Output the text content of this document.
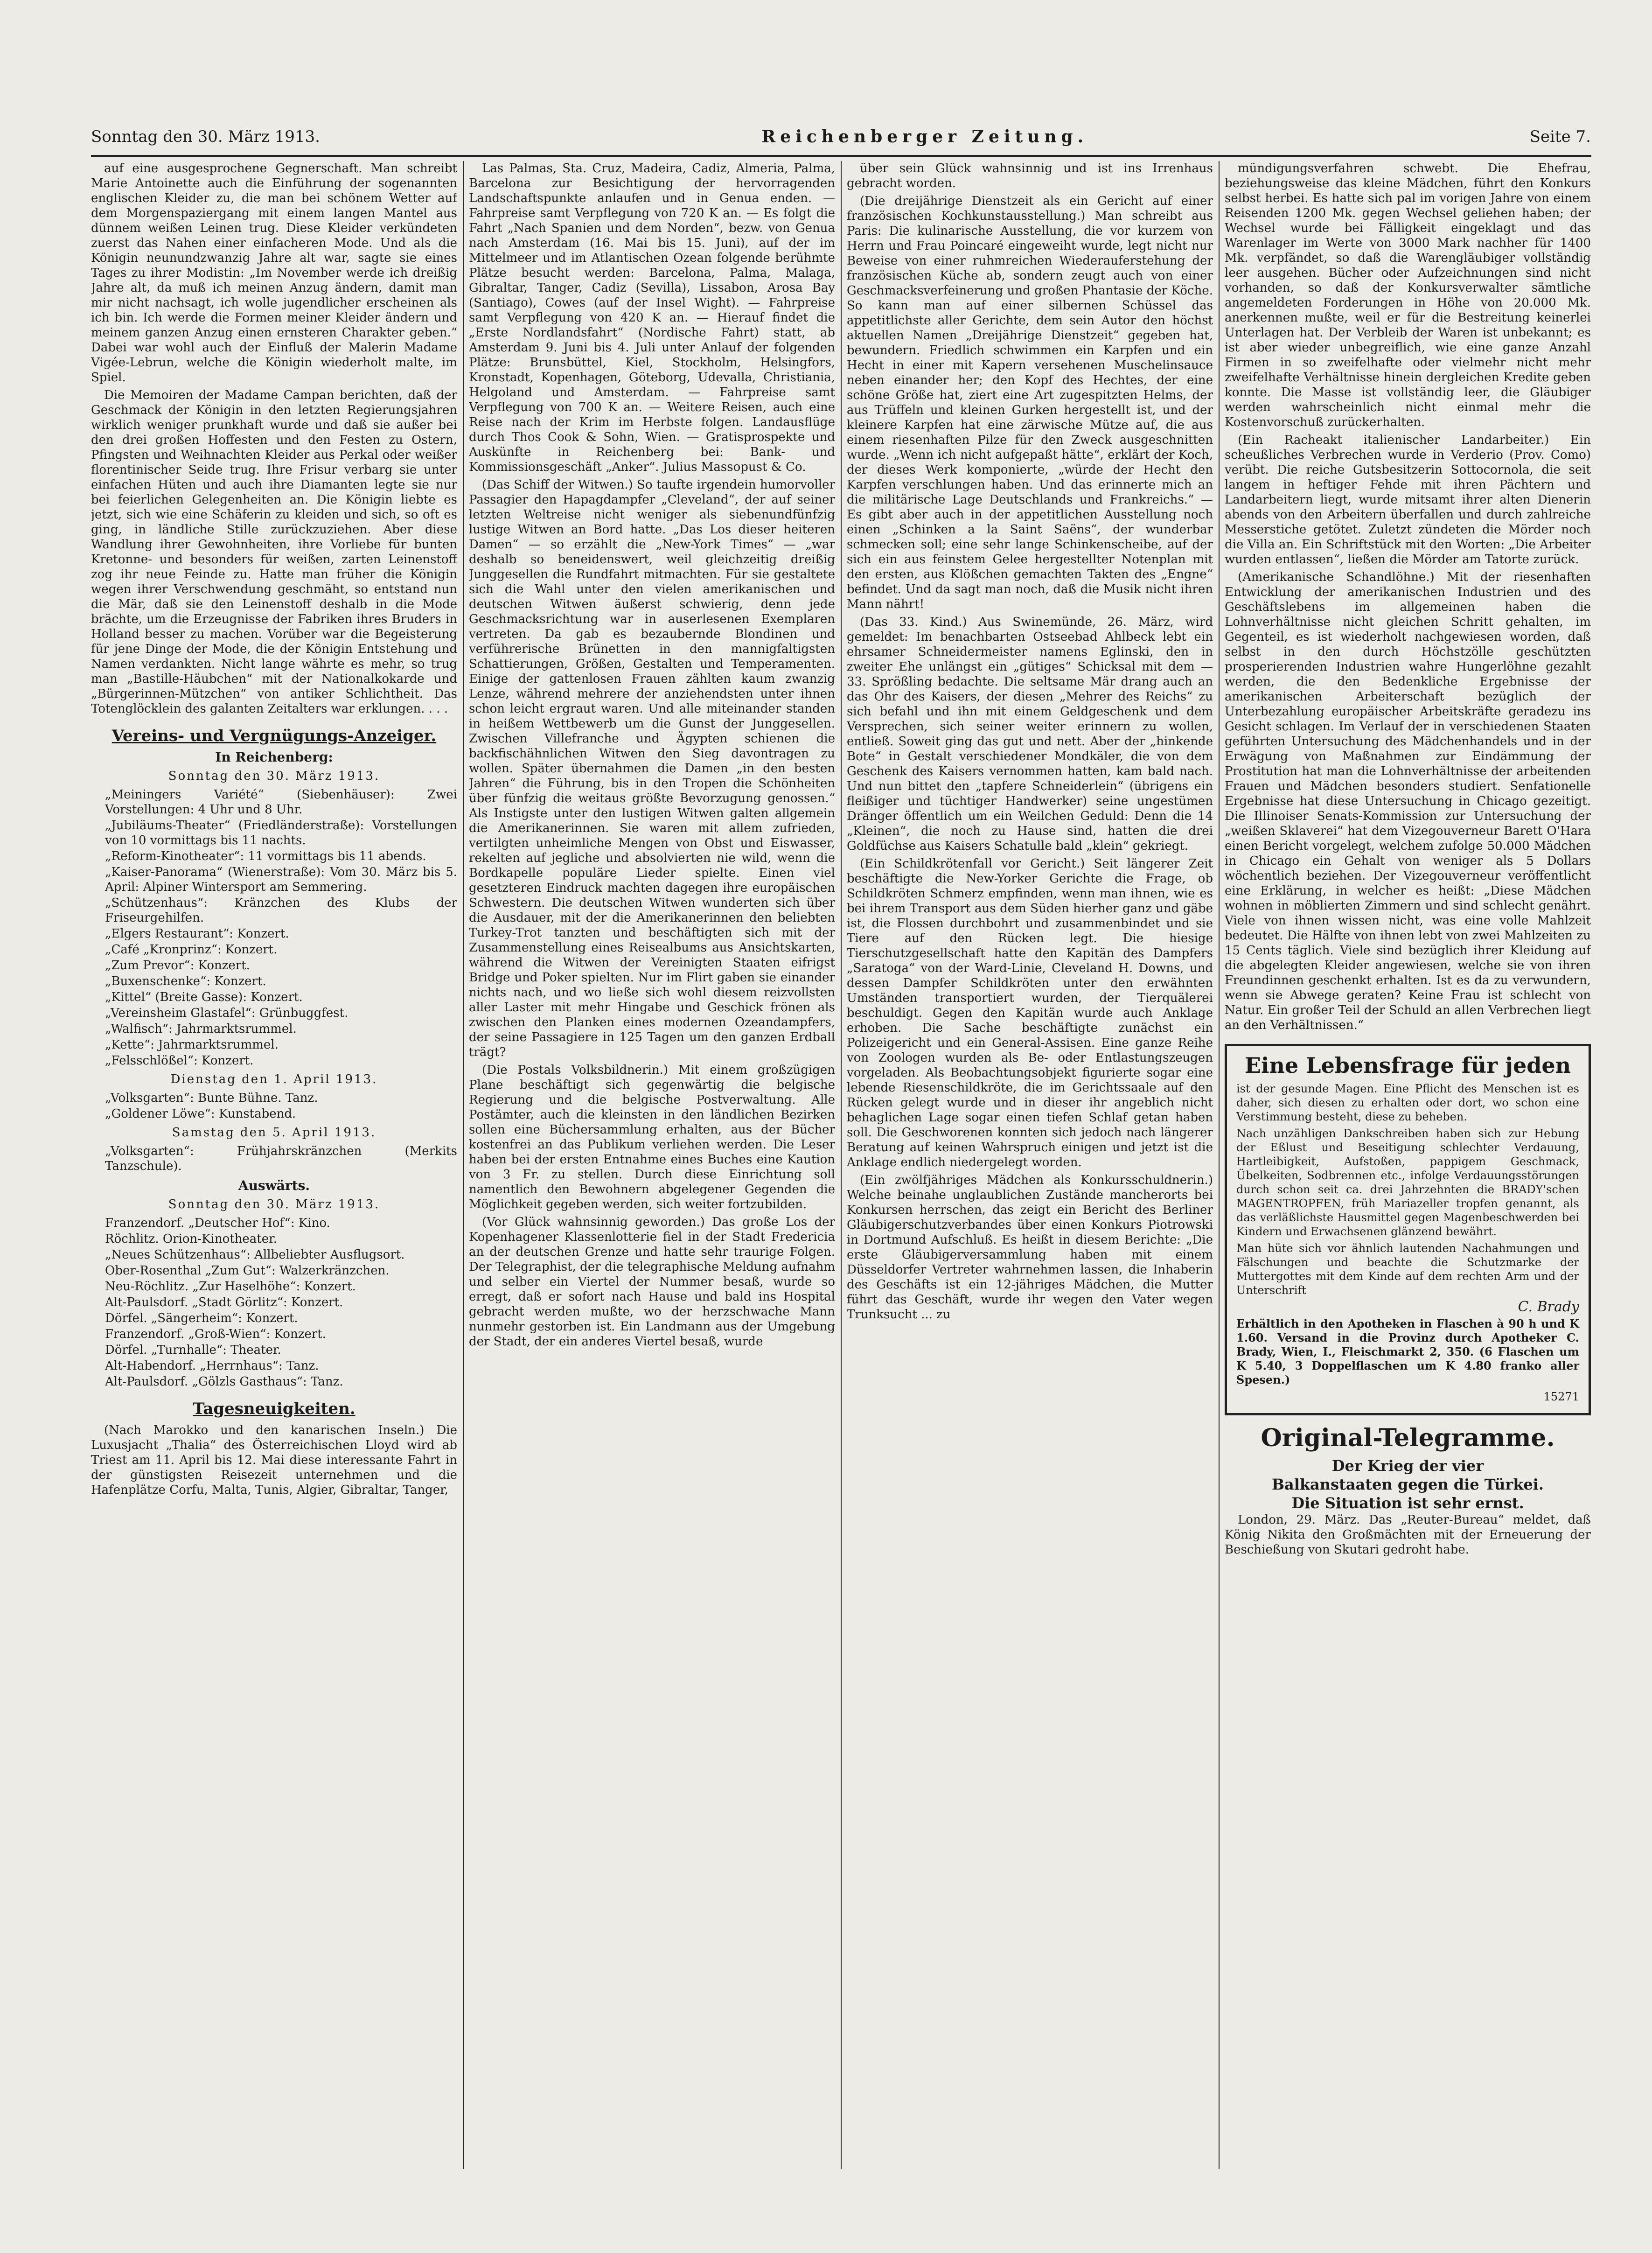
Sonntag den 30. März 1913.	Reichenberger Zeitung.	Seite 7.

auf eine ausgesprochene Gegnerschaft. Man schreibt Marie Antoinette auch die Einführung der sogenannten englischen Kleider zu, die man bei schönem Wetter auf dem Morgenspaziergang mit einem langen Mantel aus dünnem weißen Leinen trug. Diese Kleider verkündeten zuerst das Nahen einer einfacheren Mode. Und als die Königin neunundzwanzig Jahre alt war, sagte sie eines Tages zu ihrer Modistin: „Im November werde ich dreißig Jahre alt, da muß ich meinen Anzug ändern, damit man mir nicht nachsagt, ich wolle jugendlicher erscheinen als ich bin. Ich werde die Formen meiner Kleider ändern und meinem ganzen Anzug einen ernsteren Charakter geben.“ Dabei war wohl auch der Einfluß der Malerin Madame Vigée-Lebrun, welche die Königin wiederholt malte, im Spiel.

Die Memoiren der Madame Campan berichten, daß der Geschmack der Königin in den letzten Regierungsjahren wirklich weniger prunkhaft wurde und daß sie außer bei den drei großen Hoffesten und den Festen zu Ostern, Pfingsten und Weihnachten Kleider aus Perkal oder weißer florentinischer Seide trug. Ihre Frisur verbarg sie unter einfachen Hüten und auch ihre Diamanten legte sie nur bei feierlichen Gelegenheiten an. Die Königin liebte es jetzt, sich wie eine Schäferin zu kleiden und sich, so oft es ging, in ländliche Stille zurückzuziehen. Aber diese Wandlung ihrer Gewohnheiten, ihre Vorliebe für bunten Kretonne- und besonders für weißen, zarten Leinenstoff zog ihr neue Feinde zu. Hatte man früher die Königin wegen ihrer Verschwendung geschmäht, so entstand nun die Mär, daß sie den Leinenstoff deshalb in die Mode brächte, um die Erzeugnisse der Fabriken ihres Bruders in Holland besser zu machen. Vorüber war die Begeisterung für jene Dinge der Mode, die der Königin Entstehung und Namen verdankten. Nicht lange währte es mehr, so trug man „Bastille-Häubchen“ mit der Nationalkokarde und „Bürgerinnen-Mützchen“ von antiker Schlichtheit. Das Totenglöcklein des galanten Zeitalters war erklungen. . . .

Vereins- und Vergnügungs-Anzeiger.

In Reichenberg:

Sonntag den 30. März 1913.

„Meiningers Variété“ (Siebenhäuser): Zwei Vorstellungen: 4 Uhr und 8 Uhr.

„Jubiläums-Theater“ (Friedländerstraße): Vorstellungen von 10 vormittags bis 11 nachts.

„Reform-Kinotheater“: 11 vormittags bis 11 abends.

„Kaiser-Panorama“ (Wienerstraße): Vom 30. März bis 5. April: Alpiner Wintersport am Semmering.

„Schützenhaus“: Kränzchen des Klubs der Friseurgehilfen.

„Elgers Restaurant“: Konzert.

„Café „Kronprinz“: Konzert.

„Zum Prevor“: Konzert.

„Buxenschenke“: Konzert.

„Kittel“ (Breite Gasse): Konzert.

„Vereinsheim Glastafel“: Grünbuggfest.

„Walfisch“: Jahrmarktsrummel.

„Kette“: Jahrmarktsrummel.

„Felsschlößel“: Konzert.

Dienstag den 1. April 1913.

„Volksgarten“: Bunte Bühne. Tanz.

„Goldener Löwe“: Kunstabend.

Samstag den 5. April 1913.

„Volksgarten“: Frühjahrskränzchen (Merkits Tanzschule).

Auswärts.

Sonntag den 30. März 1913.

Franzendorf. „Deutscher Hof“: Kino.

Röchlitz. Orion-Kinotheater.

„Neues Schützenhaus“: Allbeliebter Ausflugsort.

Ober-Rosenthal „Zum Gut“: Walzerkränzchen.

Neu-Röchlitz. „Zur Haselhöhe“: Konzert.

Alt-Paulsdorf. „Stadt Görlitz“: Konzert.

Dörfel. „Sängerheim“: Konzert.

Franzendorf. „Groß-Wien“: Konzert.

Dörfel. „Turnhalle“: Theater.

Alt-Habendorf. „Herrnhaus“: Tanz.

Alt-Paulsdorf. „Gölzls Gasthaus“: Tanz.

Tagesneuigkeiten.

(Nach Marokko und den kanarischen Inseln.) Die Luxusjacht „Thalia“ des Österreichischen Lloyd wird ab Triest am 11. April bis 12. Mai diese interessante Fahrt in der günstigsten Reisezeit unternehmen und die Hafenplätze Corfu, Malta, Tunis, Algier, Gibraltar, Tanger,

Las Palmas, Sta. Cruz, Madeira, Cadiz, Almeria, Palma, Barcelona zur Besichtigung der hervorragenden Landschaftspunkte anlaufen und in Genua enden. — Fahrpreise samt Verpflegung von 720 K an. — Es folgt die Fahrt „Nach Spanien und dem Norden“, bezw. von Genua nach Amsterdam (16. Mai bis 15. Juni), auf der im Mittelmeer und im Atlantischen Ozean folgende berühmte Plätze besucht werden: Barcelona, Palma, Malaga, Gibraltar, Tanger, Cadiz (Sevilla), Lissabon, Arosa Bay (Santiago), Cowes (auf der Insel Wight). — Fahrpreise samt Verpflegung von 420 K an. — Hierauf findet die „Erste Nordlandsfahrt“ (Nordische Fahrt) statt, ab Amsterdam 9. Juni bis 4. Juli unter Anlauf der folgenden Plätze: Brunsbüttel, Kiel, Stockholm, Helsingfors, Kronstadt, Kopenhagen, Göteborg, Udevalla, Christiania, Helgoland und Amsterdam. — Fahrpreise samt Verpflegung von 700 K an. — Weitere Reisen, auch eine Reise nach der Krim im Herbste folgen. Landausflüge durch Thos Cook & Sohn, Wien. — Gratisprospekte und Auskünfte in Reichenberg bei: Bank- und Kommissionsgeschäft „Anker“. Julius Massopust & Co.

(Das Schiff der Witwen.) So taufte irgendein humorvoller Passagier den Hapagdampfer „Cleveland“, der auf seiner letzten Weltreise nicht weniger als siebenundfünfzig lustige Witwen an Bord hatte. „Das Los dieser heiteren Damen“ — so erzählt die „New-York Times“ — „war deshalb so beneidenswert, weil gleichzeitig dreißig Junggesellen die Rundfahrt mitmachten. Für sie gestaltete sich die Wahl unter den vielen amerikanischen und deutschen Witwen äußerst schwierig, denn jede Geschmacksrichtung war in auserlesenen Exemplaren vertreten. Da gab es bezaubernde Blondinen und verführerische Brünetten in den mannigfaltigsten Schattierungen, Größen, Gestalten und Temperamenten. Einige der gattenlosen Frauen zählten kaum zwanzig Lenze, während mehrere der anziehendsten unter ihnen schon leicht ergraut waren. Und alle miteinander standen in heißem Wettbewerb um die Gunst der Junggesellen. Zwischen Villefranche und Ägypten schienen die backfischähnlichen Witwen den Sieg davontragen zu wollen. Später übernahmen die Damen „in den besten Jahren“ die Führung, bis in den Tropen die Schönheiten über fünfzig die weitaus größte Bevorzugung genossen.“ Als Instigste unter den lustigen Witwen galten allgemein die Amerikanerinnen. Sie waren mit allem zufrieden, vertilgten unheimliche Mengen von Obst und Eiswasser, rekelten auf jegliche und absolvierten nie wild, wenn die Bordkapelle populäre Lieder spielte. Einen viel gesetzteren Eindruck machten dagegen ihre europäischen Schwestern. Die deutschen Witwen wunderten sich über die Ausdauer, mit der die Amerikanerinnen den beliebten Turkey-Trot tanzten und beschäftigten sich mit der Zusammenstellung eines Reisealbums aus Ansichtskarten, während die Witwen der Vereinigten Staaten eifrigst Bridge und Poker spielten. Nur im Flirt gaben sie einander nichts nach, und wo ließe sich wohl diesem reizvollsten aller Laster mit mehr Hingabe und Geschick frönen als zwischen den Planken eines modernen Ozeandampfers, der seine Passagiere in 125 Tagen um den ganzen Erdball trägt?

(Die Postals Volksbildnerin.) Mit einem großzügigen Plane beschäftigt sich gegenwärtig die belgische Regierung und die belgische Postverwaltung. Alle Postämter, auch die kleinsten in den ländlichen Bezirken sollen eine Büchersammlung erhalten, aus der Bücher kostenfrei an das Publikum verliehen werden. Die Leser haben bei der ersten Entnahme eines Buches eine Kaution von 3 Fr. zu stellen. Durch diese Einrichtung soll namentlich den Bewohnern abgelegener Gegenden die Möglichkeit gegeben werden, sich weiter fortzubilden.

(Vor Glück wahnsinnig geworden.) Das große Los der Kopenhagener Klassenlotterie fiel in der Stadt Fredericia an der deutschen Grenze und hatte sehr traurige Folgen. Der Telegraphist, der die telegraphische Meldung aufnahm und selber ein Viertel der Nummer besaß, wurde so erregt, daß er sofort nach Hause und bald ins Hospital gebracht werden mußte, wo der herzschwache Mann nunmehr gestorben ist. Ein Landmann aus der Umgebung der Stadt, der ein anderes Viertel besaß, wurde

über sein Glück wahnsinnig und ist ins Irrenhaus gebracht worden.

(Die dreijährige Dienstzeit als ein Gericht auf einer französischen Kochkunstausstellung.) Man schreibt aus Paris: Die kulinarische Ausstellung, die vor kurzem von Herrn und Frau Poincaré eingeweiht wurde, legt nicht nur Beweise von einer ruhmreichen Wiederauferstehung der französischen Küche ab, sondern zeugt auch von einer Geschmacksverfeinerung und großen Phantasie der Köche. So kann man auf einer silbernen Schüssel das appetitlichste aller Gerichte, dem sein Autor den höchst aktuellen Namen „Dreijährige Dienstzeit“ gegeben hat, bewundern. Friedlich schwimmen ein Karpfen und ein Hecht in einer mit Kapern versehenen Muschelinsauce neben einander her; den Kopf des Hechtes, der eine schöne Größe hat, ziert eine Art zugespitzten Helms, der aus Trüffeln und kleinen Gurken hergestellt ist, und der kleinere Karpfen hat eine zärwische Mütze auf, die aus einem riesenhaften Pilze für den Zweck ausgeschnitten wurde. „Wenn ich nicht aufgepaßt hätte“, erklärt der Koch, der dieses Werk komponierte, „würde der Hecht den Karpfen verschlungen haben. Und das erinnerte mich an die militärische Lage Deutschlands und Frankreichs.“ — Es gibt aber auch in der appetitlichen Ausstellung noch einen „Schinken a la Saint Saëns“, der wunderbar schmecken soll; eine sehr lange Schinkenscheibe, auf der sich ein aus feinstem Gelee hergestellter Notenplan mit den ersten, aus Klößchen gemachten Takten des „Engne“ befindet. Und da sagt man noch, daß die Musik nicht ihren Mann nährt!

(Das 33. Kind.) Aus Swinemünde, 26. März, wird gemeldet: Im benachbarten Ostseebad Ahlbeck lebt ein ehrsamer Schneidermeister namens Eglinski, den in zweiter Ehe unlängst ein „gütiges“ Schicksal mit dem — 33. Sprößling bedachte. Die seltsame Mär drang auch an das Ohr des Kaisers, der diesen „Mehrer des Reichs“ zu sich befahl und ihn mit einem Geldgeschenk und dem Versprechen, sich seiner weiter erinnern zu wollen, entließ. Soweit ging das gut und nett. Aber der „hinkende Bote“ in Gestalt verschiedener Mondkäler, die von dem Geschenk des Kaisers vernommen hatten, kam bald nach. Und nun bittet den „tapfere Schneiderlein“ (übrigens ein fleißiger und tüchtiger Handwerker) seine ungestümen Dränger öffentlich um ein Weilchen Geduld: Denn die 14 „Kleinen“, die noch zu Hause sind, hatten die drei Goldfüchse aus Kaisers Schatulle bald „klein“ gekriegt.

(Ein Schildkrötenfall vor Gericht.) Seit längerer Zeit beschäftigte die New-Yorker Gerichte die Frage, ob Schildkröten Schmerz empfinden, wenn man ihnen, wie es bei ihrem Transport aus dem Süden hierher ganz und gäbe ist, die Flossen durchbohrt und zusammenbindet und sie Tiere auf den Rücken legt. Die hiesige Tierschutzgesellschaft hatte den Kapitän des Dampfers „Saratoga“ von der Ward-Linie, Cleveland H. Downs, und dessen Dampfer Schildkröten unter den erwähnten Umständen transportiert wurden, der Tierquälerei beschuldigt. Gegen den Kapitän wurde auch Anklage erhoben. Die Sache beschäftigte zunächst ein Polizeigericht und ein General-Assisen. Eine ganze Reihe von Zoologen wurden als Be- oder Entlastungszeugen vorgeladen. Als Beobachtungsobjekt figurierte sogar eine lebende Riesenschildkröte, die im Gerichtssaale auf den Rücken gelegt wurde und in dieser ihr angeblich nicht behaglichen Lage sogar einen tiefen Schlaf getan haben soll. Die Geschworenen konnten sich jedoch nach längerer Beratung auf keinen Wahrspruch einigen und jetzt ist die Anklage endlich niedergelegt worden.

(Ein zwölfjähriges Mädchen als Konkursschuldnerin.) Welche beinahe unglaublichen Zustände mancherorts bei Konkursen herrschen, das zeigt ein Bericht des Berliner Gläubigerschutzverbandes über einen Konkurs Piotrowski in Dortmund Aufschluß. Es heißt in diesem Berichte: „Die erste Gläubigerversammlung haben mit einem Düsseldorfer Vertreter wahrnehmen lassen, die Inhaberin des Geschäfts ist ein 12-jähriges Mädchen, die Mutter führt das Geschäft, wurde ihr wegen den Vater wegen Trunksucht ... zu

mündigungsverfahren schwebt. Die Ehefrau, beziehungsweise das kleine Mädchen, führt den Konkurs selbst herbei. Es hatte sich pal im vorigen Jahre von einem Reisenden 1200 Mk. gegen Wechsel geliehen haben; der Wechsel wurde bei Fälligkeit eingeklagt und das Warenlager im Werte von 3000 Mark nachher für 1400 Mk. verpfändet, so daß die Warengläubiger vollständig leer ausgehen. Bücher oder Aufzeichnungen sind nicht vorhanden, so daß der Konkursverwalter sämtliche angemeldeten Forderungen in Höhe von 20.000 Mk. anerkennen mußte, weil er für die Bestreitung keinerlei Unterlagen hat. Der Verbleib der Waren ist unbekannt; es ist aber wieder unbegreiflich, wie eine ganze Anzahl Firmen in so zweifelhafte oder vielmehr nicht mehr zweifelhafte Verhältnisse hinein dergleichen Kredite geben konnte. Die Masse ist vollständig leer, die Gläubiger werden wahrscheinlich nicht einmal mehr die Kostenvorschuß zurückerhalten.

(Ein Racheakt italienischer Landarbeiter.) Ein scheußliches Verbrechen wurde in Verderio (Prov. Como) verübt. Die reiche Gutsbesitzerin Sottocornola, die seit langem in heftiger Fehde mit ihren Pächtern und Landarbeitern liegt, wurde mitsamt ihrer alten Dienerin abends von den Arbeitern überfallen und durch zahlreiche Messerstiche getötet. Zuletzt zündeten die Mörder noch die Villa an. Ein Schriftstück mit den Worten: „Die Arbeiter wurden entlassen“, ließen die Mörder am Tatorte zurück.

(Amerikanische Schandlöhne.) Mit der riesenhaften Entwicklung der amerikanischen Industrien und des Geschäftslebens im allgemeinen haben die Lohnverhältnisse nicht gleichen Schritt gehalten, im Gegenteil, es ist wiederholt nachgewiesen worden, daß selbst in den durch Höchstzölle geschützten prosperierenden Industrien wahre Hungerlöhne gezahlt werden, die den Bedenkliche Ergebnisse der amerikanischen Arbeiterschaft bezüglich der Unterbezahlung europäischer Arbeitskräfte geradezu ins Gesicht schlagen. Im Verlauf der in verschiedenen Staaten geführten Untersuchung des Mädchenhandels und in der Erwägung von Maßnahmen zur Eindämmung der Prostitution hat man die Lohnverhältnisse der arbeitenden Frauen und Mädchen besonders studiert. Senfationelle Ergebnisse hat diese Untersuchung in Chicago gezeitigt. Die Illinoiser Senats-Kommission zur Untersuchung der „weißen Sklaverei“ hat dem Vizegouverneur Barett O'Hara einen Bericht vorgelegt, welchem zufolge 50.000 Mädchen in Chicago ein Gehalt von weniger als 5 Dollars wöchentlich beziehen. Der Vizegouverneur veröffentlicht eine Erklärung, in welcher es heißt: „Diese Mädchen wohnen in möblierten Zimmern und sind schlecht genährt. Viele von ihnen wissen nicht, was eine volle Mahlzeit bedeutet. Die Hälfte von ihnen lebt von zwei Mahlzeiten zu 15 Cents täglich. Viele sind bezüglich ihrer Kleidung auf die abgelegten Kleider angewiesen, welche sie von ihren Freundinnen geschenkt erhalten. Ist es da zu verwundern, wenn sie Abwege geraten? Keine Frau ist schlecht von Natur. Ein großer Teil der Schuld an allen Verbrechen liegt an den Verhältnissen.“

Eine Lebensfrage für jeden

ist der gesunde Magen. Eine Pflicht des Menschen ist es daher, sich diesen zu erhalten oder dort, wo schon eine Verstimmung besteht, diese zu beheben.

Nach unzähligen Dankschreiben haben sich zur Hebung der Eßlust und Beseitigung schlechter Verdauung, Hartleibigkeit, Aufstoßen, pappigem Geschmack, Übelkeiten, Sodbrennen etc., infolge Verdauungsstörungen durch schon seit ca. drei Jahrzehnten die BRADY'schen MAGENTROPFEN, früh Mariazeller tropfen genannt, als das verläßlichste Hausmittel gegen Magenbeschwerden bei Kindern und Erwachsenen glänzend bewährt.

Man hüte sich vor ähnlich lautenden Nachahmungen und Fälschungen und beachte die Schutzmarke der Muttergottes mit dem Kinde auf dem rechten Arm und der Unterschrift

C. Brady

Erhältlich in den Apotheken in Flaschen à 90 h und K 1.60. Versand in die Provinz durch Apotheker C. Brady, Wien, I., Fleischmarkt 2, 350. (6 Flaschen um K 5.40, 3 Doppelflaschen um K 4.80 franko aller Spesen.)

15271

Original-Telegramme.

Der Krieg der vier

Balkanstaaten gegen die Türkei.

Die Situation ist sehr ernst.

London, 29. März. Das „Reuter-Bureau“ meldet, daß König Nikita den Großmächten mit der Erneuerung der Beschießung von Skutari gedroht habe.
